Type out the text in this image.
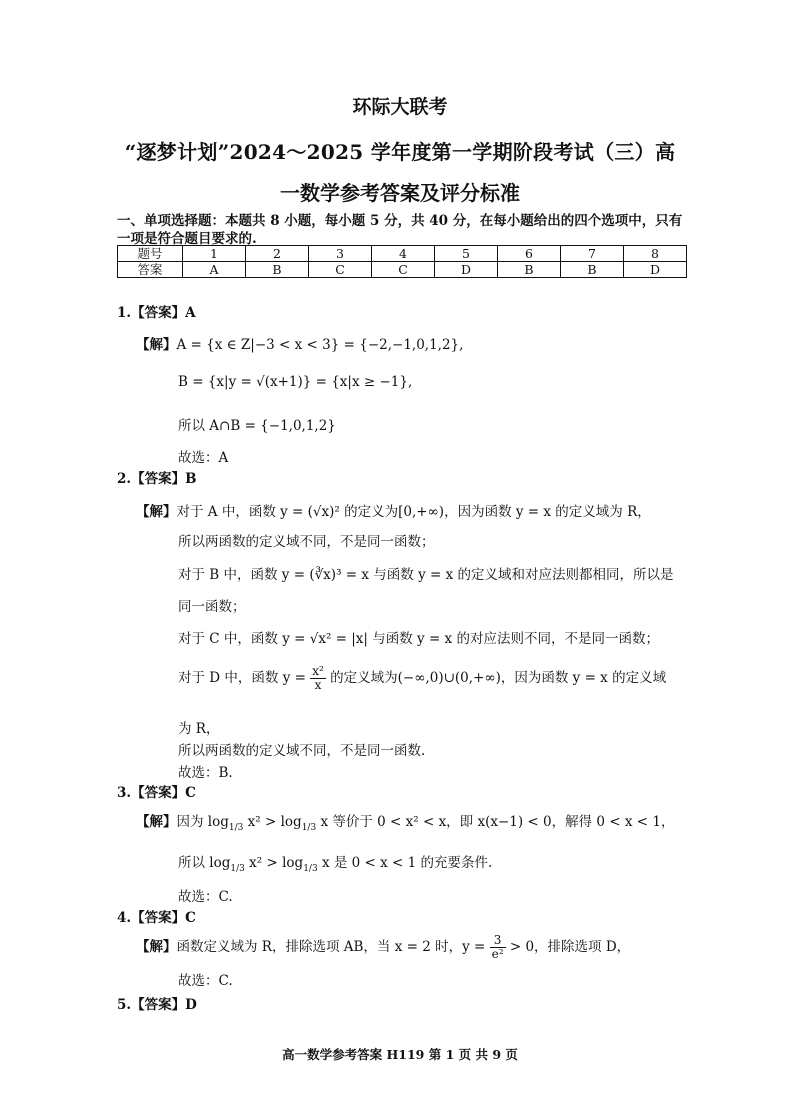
环际大联考
“逐梦计划”2024～2025 学年度第一学期阶段考试（三）高
一数学参考答案及评分标准
一、单项选择题：本题共 8 小题，每小题 5 分，共 40 分，在每小题给出的四个选项中，只有一项是符合题目要求的.
题号	1	2	3	4	5	6	7	8
答案	A	B	C	C	D	B	B	D
1.【答案】A
【解】A = {x ∈ Z|−3 < x < 3} = {−2,−1,0,1,2},
B = {x|y = √(x+1)} = {x|x ≥ −1},
所以 A∩B = {−1,0,1,2}
故选：A
2.【答案】B
【解】对于 A 中，函数 y = (√x)² 的定义为[0,+∞)，因为函数 y = x 的定义域为 R，
所以两函数的定义域不同，不是同一函数；
对于 B 中，函数 y = (∛x)³ = x 与函数 y = x 的定义域和对应法则都相同，所以是
同一函数；
对于 C 中，函数 y = √x² = |x| 与函数 y = x 的对应法则不同，不是同一函数；
对于 D 中，函数 $y = \frac{\text{x²}}{x}$ 的定义域为(−∞,0)∪(0,+∞)，因为函数 y = x 的定义域
为 R，
所以两函数的定义域不同，不是同一函数.
故选：B.
3.【答案】C
【解】因为 $\log_{1/3} x^2 > \log_{1/3} x$ 等价于 0 < x² < x，即 x(x−1) < 0，解得 0 < x < 1，
所以 $\log_{1/3} x^2 > \log_{1/3} x$ 是 0 < x < 1 的充要条件.
故选：C.
4.【答案】C
【解】函数定义域为 R，排除选项 AB，当 x = 2 时，$y = \frac{3}{\text{e²}} > 0$，排除选项 D，
故选：C.
5.【答案】D
高一数学参考答案 H119 第 1 页 共 9 页
